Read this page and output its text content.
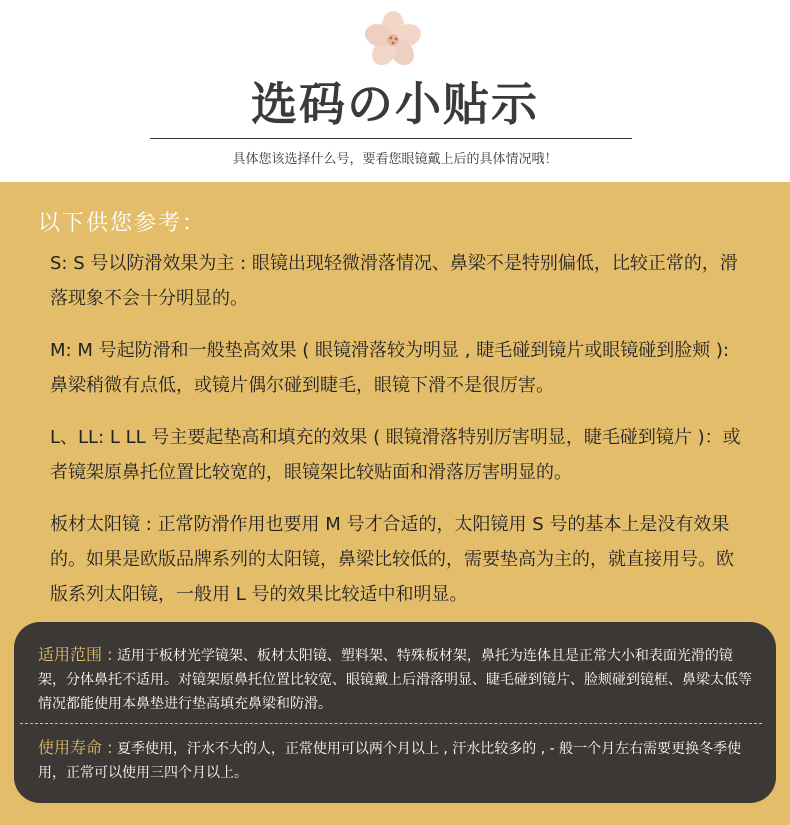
选码の小贴示
具体您该选择什么号，要看您眼镜戴上后的具体情况哦！
以下供您参考：
S: S 号以防滑效果为主 : 眼镜出现轻微滑落情况、鼻梁不是特别偏低，比较正常的，滑落现象不会十分明显的。
M: M 号起防滑和一般垫高效果 ( 眼镜滑落较为明显 , 睫毛碰到镜片或眼镜碰到脸颊 ): 鼻梁稍微有点低，或镜片偶尔碰到睫毛，眼镜下滑不是很厉害。
L、LL: L LL 号主要起垫高和填充的效果 ( 眼镜滑落特别厉害明显，睫毛碰到镜片 )：或者镜架原鼻托位置比较宽的，眼镜架比较贴面和滑落厉害明显的。
板材太阳镜 : 正常防滑作用也要用 M 号才合适的，太阳镜用 S 号的基本上是没有效果的。如果是欧版品牌系列的太阳镜，鼻梁比较低的，需要垫高为主的，就直接用号。欧版系列太阳镜，一般用 L 号的效果比较适中和明显。
适用范围 : 适用于板材光学镜架、板材太阳镜、塑料架、特殊板材架，鼻托为连体且是正常大小和表面光滑的镜架，分体鼻托不适用。对镜架原鼻托位置比较宽、眼镜戴上后滑落明显、睫毛碰到镜片、脸颊碰到镜框、鼻梁太低等情况都能使用本鼻垫进行垫高填充鼻梁和防滑。
使用寿命 : 夏季使用，汗水不大的人，正常使用可以两个月以上 , 汗水比较多的 , - 般一个月左右需要更换冬季使用，正常可以使用三四个月以上。
